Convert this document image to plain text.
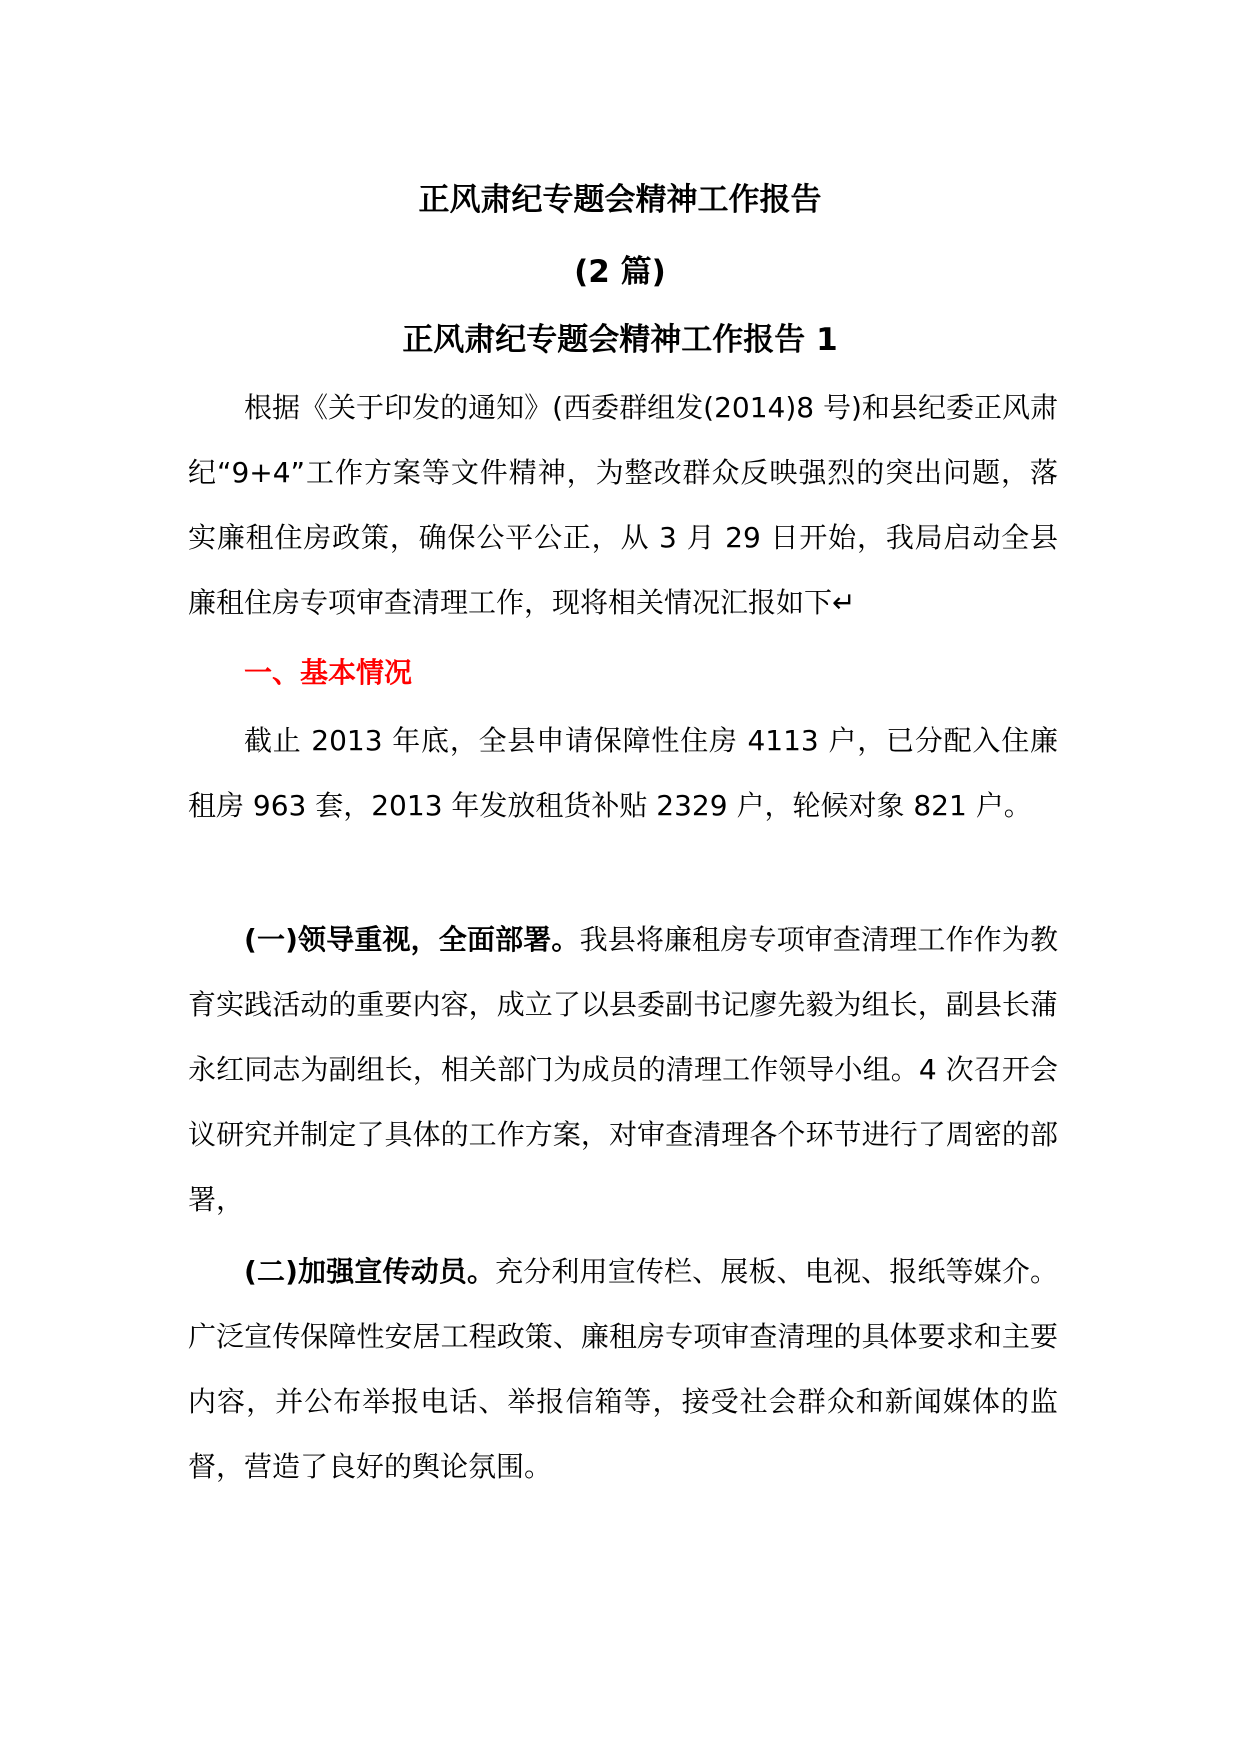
正风肃纪专题会精神工作报告
(2 篇)
正风肃纪专题会精神工作报告 1

根据《关于印发的通知》(西委群组发(2014)8 号)和县纪委正风肃纪“9+4”工作方案等文件精神，为整改群众反映强烈的突出问题，落实廉租住房政策，确保公平公正，从 3 月 29 日开始，我局启动全县廉租住房专项审查清理工作，现将相关情况汇报如下↵

一、基本情况

截止 2013 年底，全县申请保障性住房 4113 户，已分配入住廉租房 963 套，2013 年发放租货补贴 2329 户，轮候对象 821 户。

(一)领导重视，全面部署。我县将廉租房专项审查清理工作作为教育实践活动的重要内容，成立了以县委副书记廖先毅为组长，副县长蒲永红同志为副组长，相关部门为成员的清理工作领导小组。4 次召开会议研究并制定了具体的工作方案，对审查清理各个环节进行了周密的部署，

(二)加强宣传动员。充分利用宣传栏、展板、电视、报纸等媒介。广泛宣传保障性安居工程政策、廉租房专项审查清理的具体要求和主要内容，并公布举报电话、举报信箱等，接受社会群众和新闻媒体的监督，营造了良好的舆论氛围。
